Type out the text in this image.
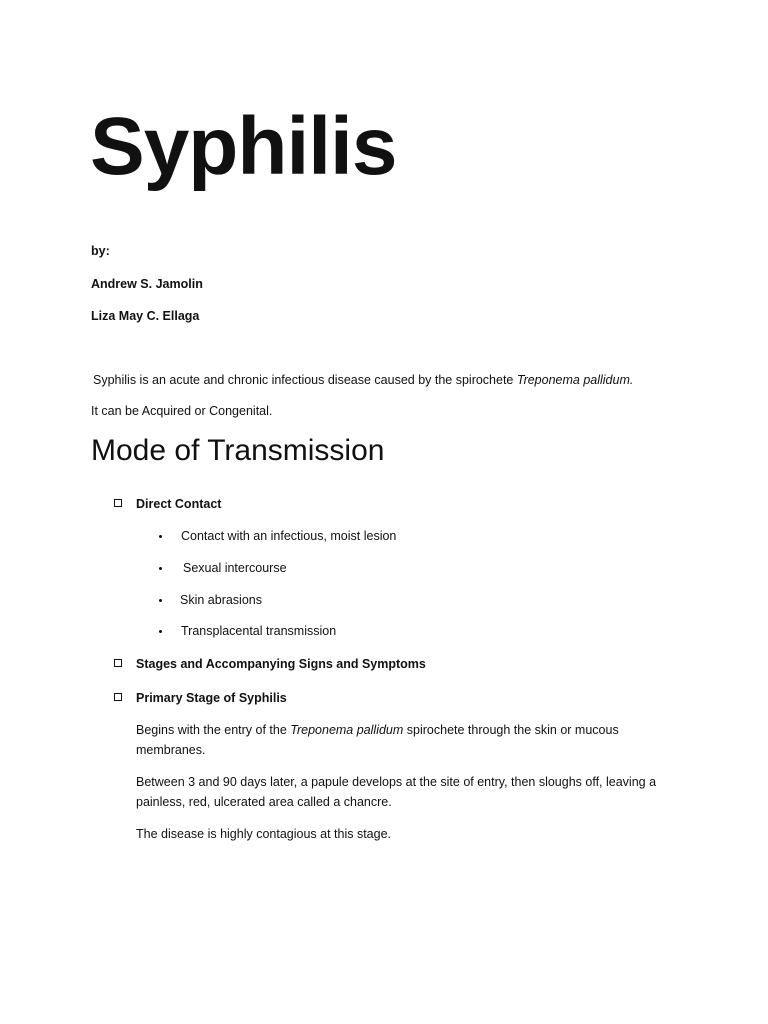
Syphilis
by:
Andrew S. Jamolin
Liza May C. Ellaga
Syphilis is an acute and chronic infectious disease caused by the spirochete Treponema pallidum.
It can be Acquired or Congenital.
Mode of Transmission
Direct Contact
Contact with an infectious, moist lesion
Sexual intercourse
Skin abrasions
Transplacental transmission
Stages and Accompanying Signs and Symptoms
Primary Stage of Syphilis
Begins with the entry of the Treponema pallidum spirochete through the skin or mucous membranes.
Between 3 and 90 days later, a papule develops at the site of entry, then sloughs off, leaving a painless, red, ulcerated area called a chancre.
The disease is highly contagious at this stage.
